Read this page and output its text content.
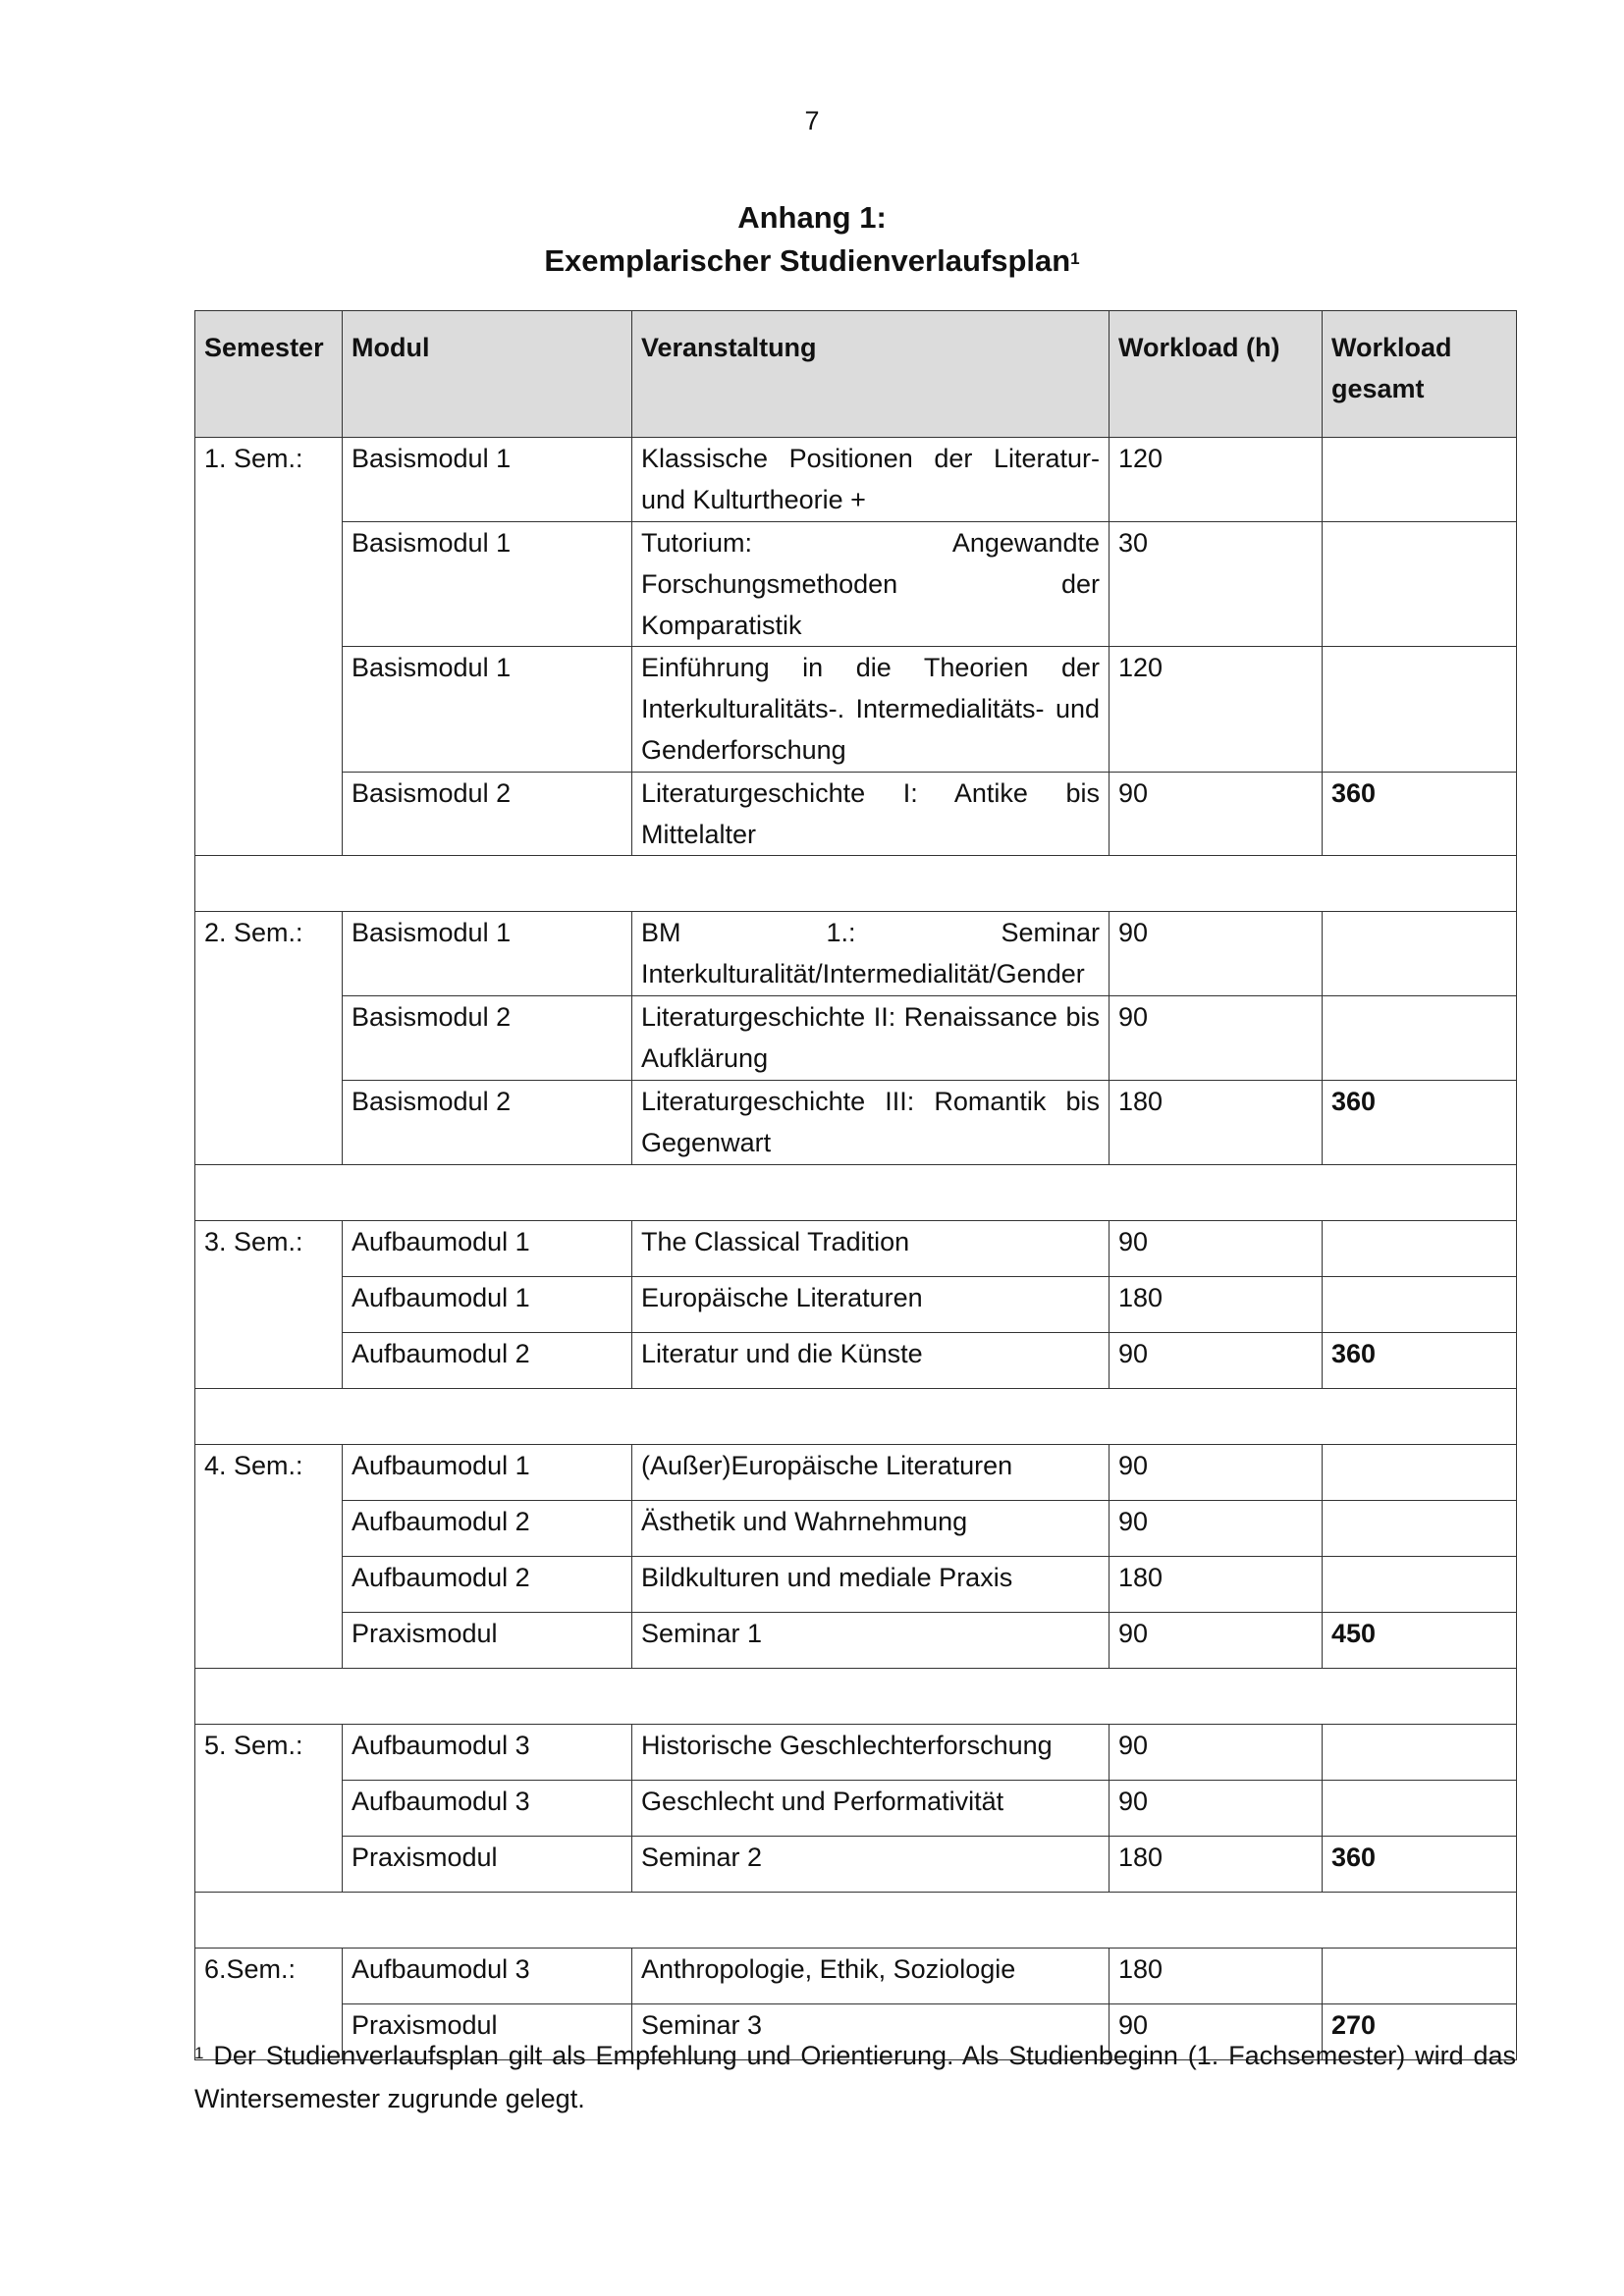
7
Anhang 1:
Exemplarischer Studienverlaufsplan$^1$
Semester	Modul	Veranstaltung	Workload (h)	Workload gesamt
1. Sem.:	Basismodul 1	Klassische Positionen der Literatur- und Kulturtheorie +	120	
	Basismodul 1	Tutorium: Angewandte Forschungsmethoden der Komparatistik	30	
	Basismodul 1	Einführung in die Theorien der Interkulturalitäts-. Intermedialitäts- und Genderforschung	120	
	Basismodul 2	Literaturgeschichte I: Antike bis Mittelalter	90	360

2. Sem.:	Basismodul 1	BM 1.: Seminar Interkulturalität/Intermedialität/Gender	90	
	Basismodul 2	Literaturgeschichte II: Renaissance bis Aufklärung	90	
	Basismodul 2	Literaturgeschichte III: Romantik bis Gegenwart	180	360

3. Sem.:	Aufbaumodul 1	The Classical Tradition	90	
	Aufbaumodul 1	Europäische Literaturen	180	
	Aufbaumodul 2	Literatur und die Künste	90	360

4. Sem.:	Aufbaumodul 1	(Außer)Europäische Literaturen	90	
	Aufbaumodul 2	Ästhetik und Wahrnehmung	90	
	Aufbaumodul 2	Bildkulturen und mediale Praxis	180	
	Praxismodul	Seminar 1	90	450

5. Sem.:	Aufbaumodul 3	Historische Geschlechterforschung	90	
	Aufbaumodul 3	Geschlecht und Performativität	90	
	Praxismodul	Seminar 2	180	360

6.Sem.:	Aufbaumodul 3	Anthropologie, Ethik, Soziologie	180	
	Praxismodul	Seminar 3	90	270
$^1$ Der Studienverlaufsplan gilt als Empfehlung und Orientierung. Als Studienbeginn (1. Fachsemester) wird das Wintersemester zugrunde gelegt.
